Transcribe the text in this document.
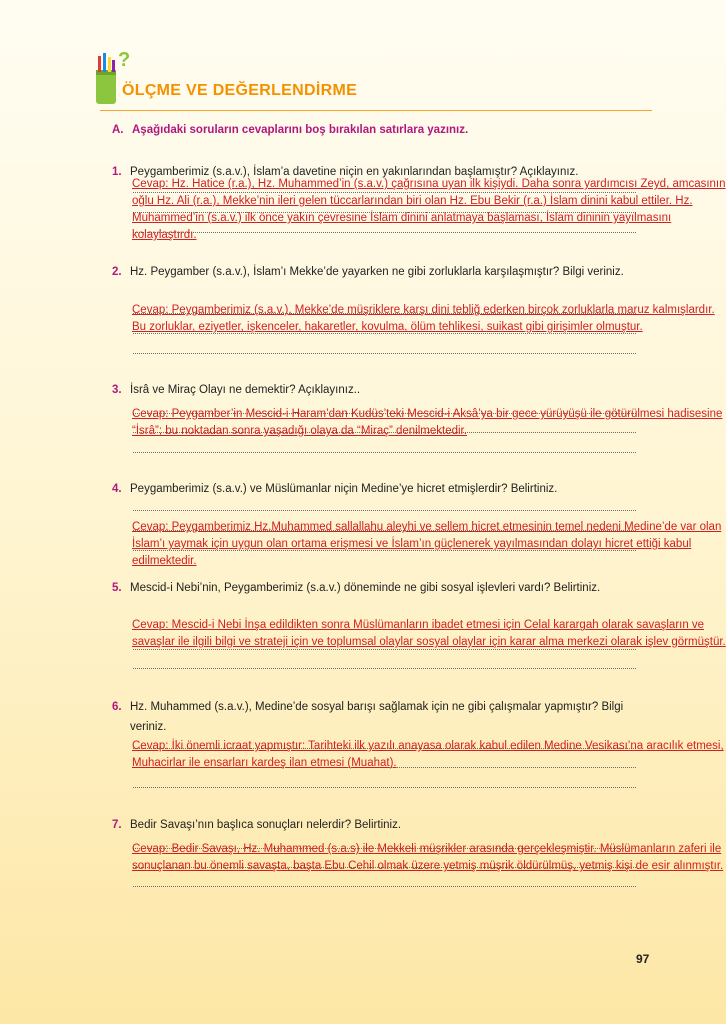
?
ÖLÇME VE DEĞERLENDİRME
A. Aşağıdaki soruların cevaplarını boş bırakılan satırlara yazınız.
1. Peygamberimiz (s.a.v.), İslam’a davetine niçin en yakınlarından başlamıştır? Açıklayınız.
Cevap: Hz. Hatice (r.a.), Hz. Muhammed’in (s.a.v.) çağrısına uyan ilk kişiydi. Daha sonra yardımcısı Zeyd, amcasının oğlu Hz. Ali (r.a.), Mekke’nin ileri gelen tüccarlarından biri olan Hz. Ebu Bekir (r.a.) İslam dinini kabul ettiler. Hz. Muhammed’in (s.a.v.) ilk önce yakın çevresine İslam dinini anlatmaya başlaması, İslam dininin yayılmasını kolaylaştırdı.
2. Hz. Peygamber (s.a.v.), İslam’ı Mekke’de yayarken ne gibi zorluklarla karşılaşmıştır? Bilgi veriniz.
Cevap: Peygamberimiz (s.a.v.), Mekke’de müşriklere karşı dini tebliğ ederken birçok zorluklarla maruz kalmışlardır. Bu zorluklar, eziyetler, işkenceler, hakaretler, kovulma, ölüm tehlikesi, suikast gibi girişimler olmuştur.
3. İsrâ ve Miraç Olayı ne demektir? Açıklayınız..
Cevap: Peygamber’in Mescid-i Haram’dan Kudüs’teki Mescid-i Aksâ’ya bir gece yürüyüşü ile götürülmesi hadisesine “İsrâ”; bu noktadan sonra yaşadığı olaya da “Miraç” denilmektedir.
4. Peygamberimiz (s.a.v.) ve Müslümanlar niçin Medine’ye hicret etmişlerdir? Belirtiniz.
Cevap: Peygamberimiz Hz.Muhammed sallallahu aleyhi ve sellem hicret etmesinin temel nedeni Medine’de var olan İslam’ı yaymak için uygun olan ortama erişmesi ve İslam’ın güçlenerek yayılmasından dolayı hicret ettiği kabul edilmektedir.
5. Mescid-i Nebi’nin, Peygamberimiz (s.a.v.) döneminde ne gibi sosyal işlevleri vardı? Belirtiniz.
Cevap: Mescid-i Nebi İnşa edildikten sonra Müslümanların ibadet etmesi için Celal karargah olarak savaşların ve savaşlar ile ilgili bilgi ve strateji için ve toplumsal olaylar sosyal olaylar için karar alma merkezi olarak işlev görmüştür.
6. Hz. Muhammed (s.a.v.), Medine’de sosyal barışı sağlamak için ne gibi çalışmalar yapmıştır? Bilgi veriniz.
Cevap: İki önemli icraat yapmıştır: Tarihteki ilk yazılı anayasa olarak kabul edilen Medine Vesikası’na aracılık etmesi, Muhacirlar ile ensarları kardeş ilan etmesi (Muahat).
7. Bedir Savaşı’nın başlıca sonuçları nelerdir? Belirtiniz.
Cevap: Bedir Savaşı, Hz. Muhammed (s.a.s) ile Mekkeli müşrikler arasında gerçekleşmiştir. Müslümanların zaferi ile sonuçlanan bu önemli savaşta, başta Ebu Cehil olmak üzere yetmiş müşrik öldürülmüş, yetmiş kişi de esir alınmıştır.
97
